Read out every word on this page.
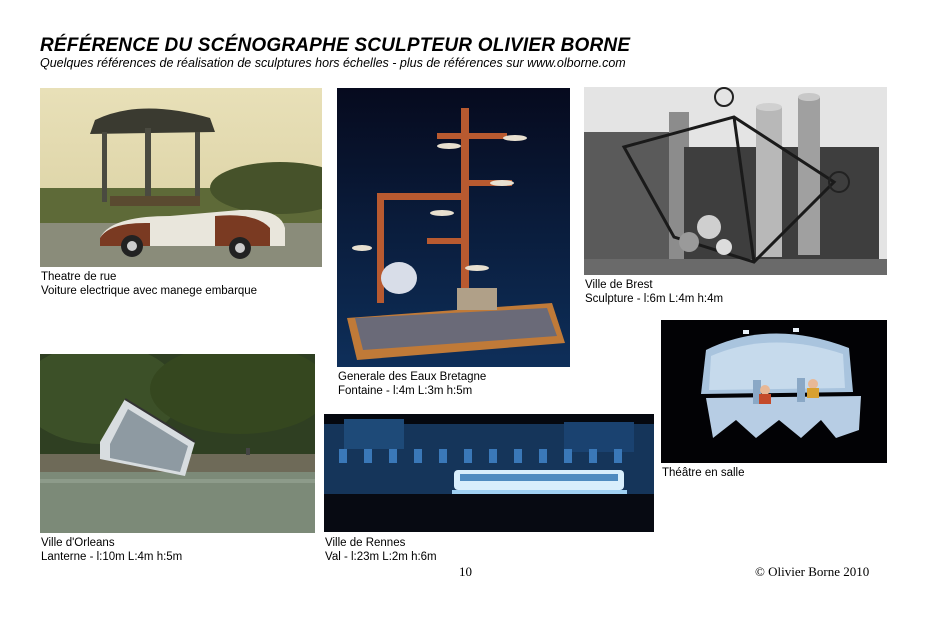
RÉFÉRENCE DU SCÉNOGRAPHE SCULPTEUR OLIVIER BORNE
Quelques références de réalisation de sculptures hors échelles - plus de références sur www.olborne.com
Theatre de rue
Voiture electrique avec manege embarque
Generale des Eaux Bretagne
Fontaine - l:4m L:3m h:5m
Ville de Brest
Sculpture - l:6m L:4m h:4m
Ville d'Orleans
Lanterne - l:10m L:4m h:5m
Ville de Rennes
Val - l:23m L:2m h:6m
Théâtre en salle
10	© Olivier Borne 2010
